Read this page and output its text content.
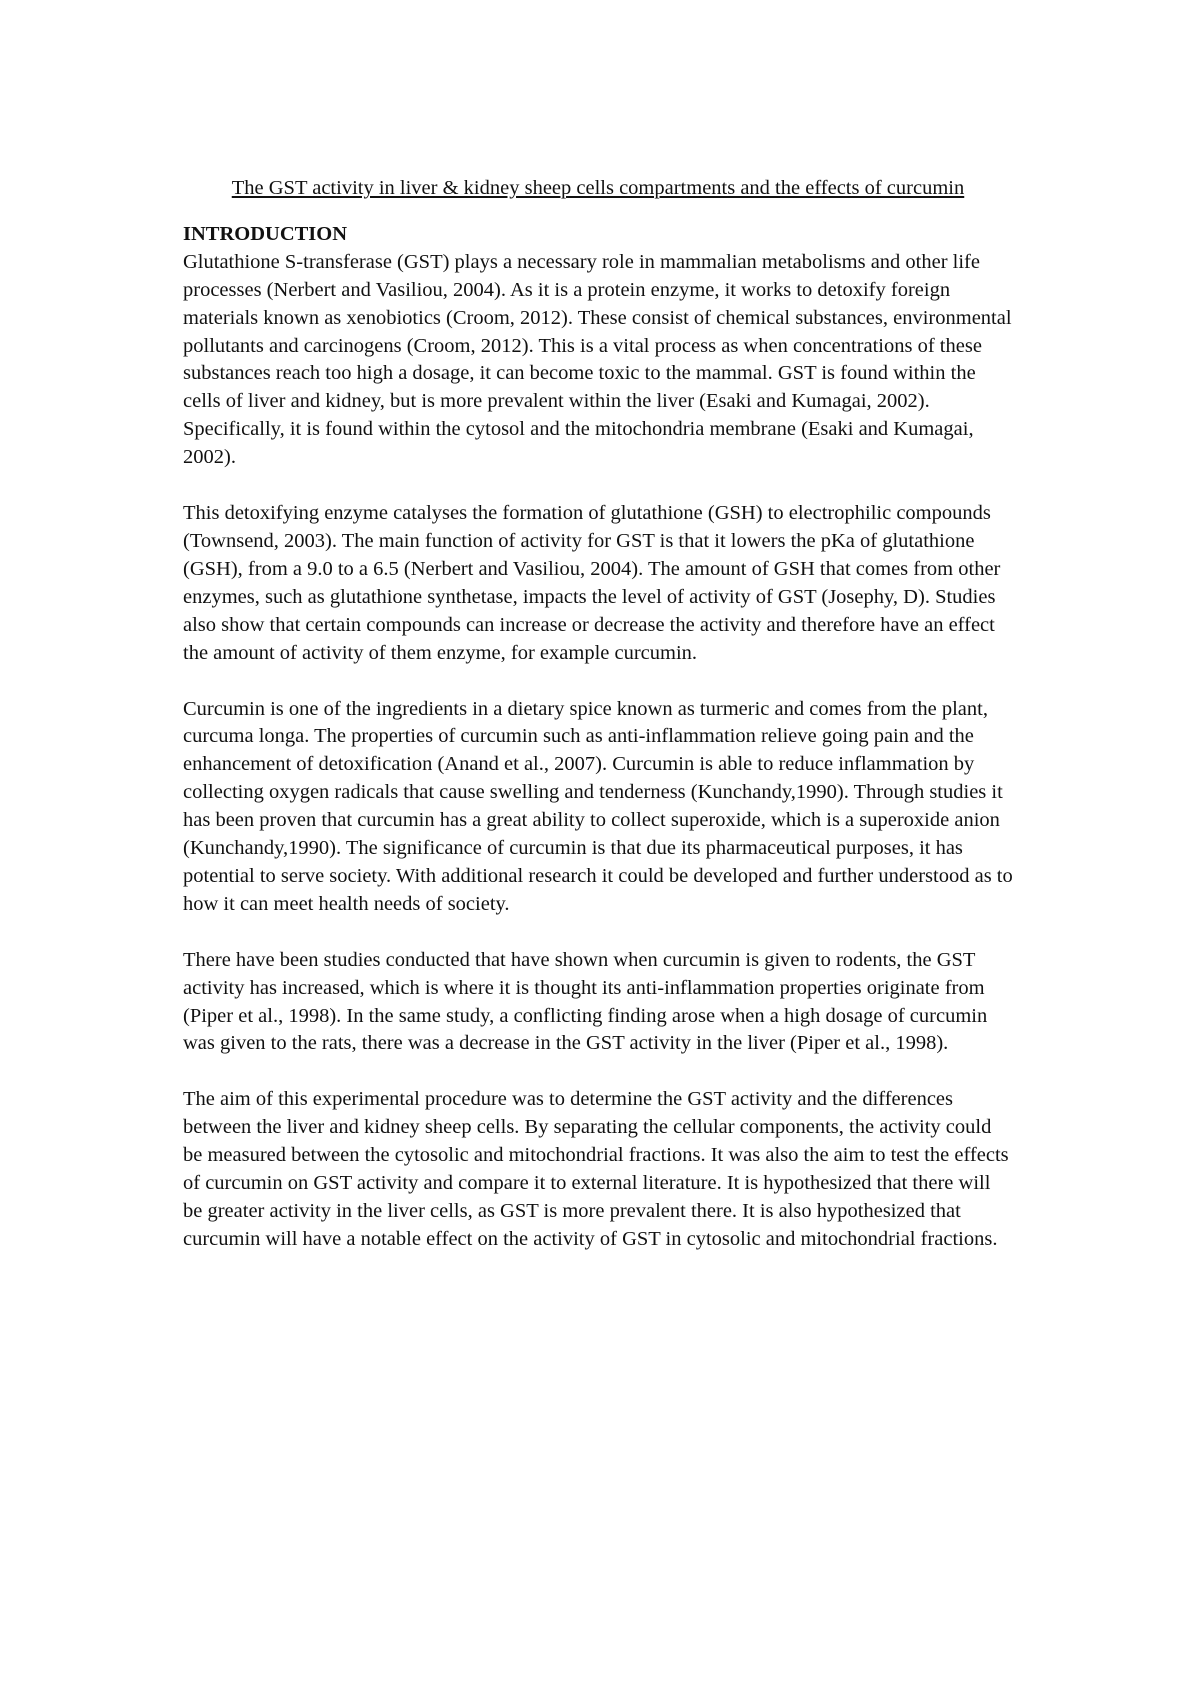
The GST activity in liver & kidney sheep cells compartments and the effects of curcumin

INTRODUCTION

Glutathione S-transferase (GST) plays a necessary role in mammalian metabolisms and other life processes (Nerbert and Vasiliou, 2004). As it is a protein enzyme, it works to detoxify foreign materials known as xenobiotics (Croom, 2012). These consist of chemical substances, environmental pollutants and carcinogens (Croom, 2012). This is a vital process as when concentrations of these substances reach too high a dosage, it can become toxic to the mammal. GST is found within the cells of liver and kidney, but is more prevalent within the liver (Esaki and Kumagai, 2002). Specifically, it is found within the cytosol and the mitochondria membrane (Esaki and Kumagai, 2002).

This detoxifying enzyme catalyses the formation of glutathione (GSH) to electrophilic compounds (Townsend, 2003). The main function of activity for GST is that it lowers the pKa of glutathione (GSH), from a 9.0 to a 6.5 (Nerbert and Vasiliou, 2004). The amount of GSH that comes from other enzymes, such as glutathione synthetase, impacts the level of activity of GST (Josephy, D). Studies also show that certain compounds can increase or decrease the activity and therefore have an effect the amount of activity of them enzyme, for example curcumin.

Curcumin is one of the ingredients in a dietary spice known as turmeric and comes from the plant, curcuma longa. The properties of curcumin such as anti-inflammation relieve going pain and the enhancement of detoxification (Anand et al., 2007). Curcumin is able to reduce inflammation by collecting oxygen radicals that cause swelling and tenderness (Kunchandy,1990). Through studies it has been proven that curcumin has a great ability to collect superoxide, which is a superoxide anion (Kunchandy,1990). The significance of curcumin is that due its pharmaceutical purposes, it has potential to serve society. With additional research it could be developed and further understood as to how it can meet health needs of society.

There have been studies conducted that have shown when curcumin is given to rodents, the GST activity has increased, which is where it is thought its anti-inflammation properties originate from (Piper et al., 1998). In the same study, a conflicting finding arose when a high dosage of curcumin was given to the rats, there was a decrease in the GST activity in the liver (Piper et al., 1998).

The aim of this experimental procedure was to determine the GST activity and the differences between the liver and kidney sheep cells. By separating the cellular components, the activity could be measured between the cytosolic and mitochondrial fractions. It was also the aim to test the effects of curcumin on GST activity and compare it to external literature. It is hypothesized that there will be greater activity in the liver cells, as GST is more prevalent there. It is also hypothesized that curcumin will have a notable effect on the activity of GST in cytosolic and mitochondrial fractions.
